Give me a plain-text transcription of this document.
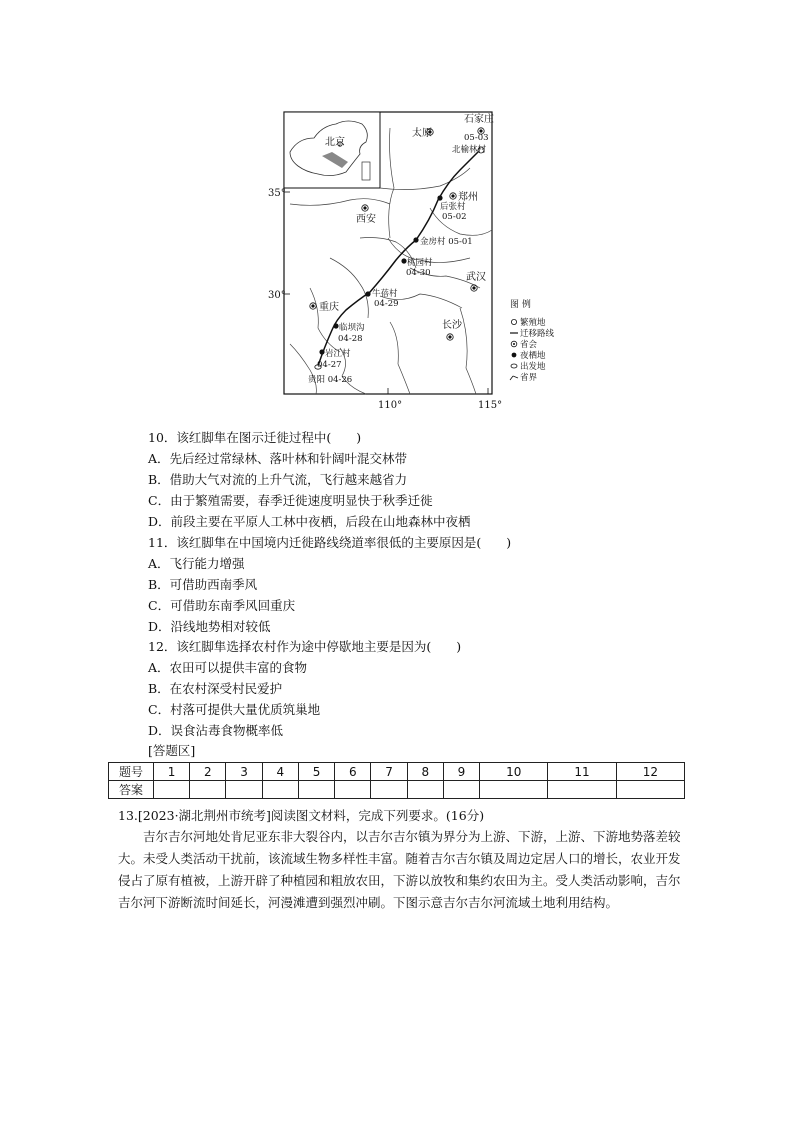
北京
35°
30°
110°	115°
太原
石家庄
郑州
西安
武汉
重庆
长沙
05-03
北榆林村
后张村
05-02
金房村 05-01
桃园村
04-30
牛蓓村
04-29
临坝沟
04-28
岩江村
04-27
贵阳 04-26
图 例
繁殖地
迁移路线
省会
夜栖地
出发地
省界
10．该红脚隼在图示迁徙过程中(　　)
A．先后经过常绿林、落叶林和针阔叶混交林带
B．借助大气对流的上升气流，飞行越来越省力
C．由于繁殖需要，春季迁徙速度明显快于秋季迁徙
D．前段主要在平原人工林中夜栖，后段在山地森林中夜栖
11．该红脚隼在中国境内迁徙路线绕道率很低的主要原因是(　　)
A．飞行能力增强
B．可借助西南季风
C．可借助东南季风回重庆
D．沿线地势相对较低
12．该红脚隼选择农村作为途中停歇地主要是因为(　　)
A．农田可以提供丰富的食物
B．在农村深受村民爱护
C．村落可提供大量优质筑巢地
D．误食沾毒食物概率低
[答题区]
题号	1	2	3	4	5	6	7	8	9	10	11	12
答案												
13.[2023·湖北荆州市统考]阅读图文材料，完成下列要求。(16分)

吉尔吉尔河地处肯尼亚东非大裂谷内，以吉尔吉尔镇为界分为上游、下游，上游、下游地势落差较大。未受人类活动干扰前，该流域生物多样性丰富。随着吉尔吉尔镇及周边定居人口的增长，农业开发侵占了原有植被，上游开辟了种植园和粗放农田，下游以放牧和集约农田为主。受人类活动影响，吉尔吉尔河下游断流时间延长，河漫滩遭到强烈冲刷。下图示意吉尔吉尔河流域土地利用结构。
